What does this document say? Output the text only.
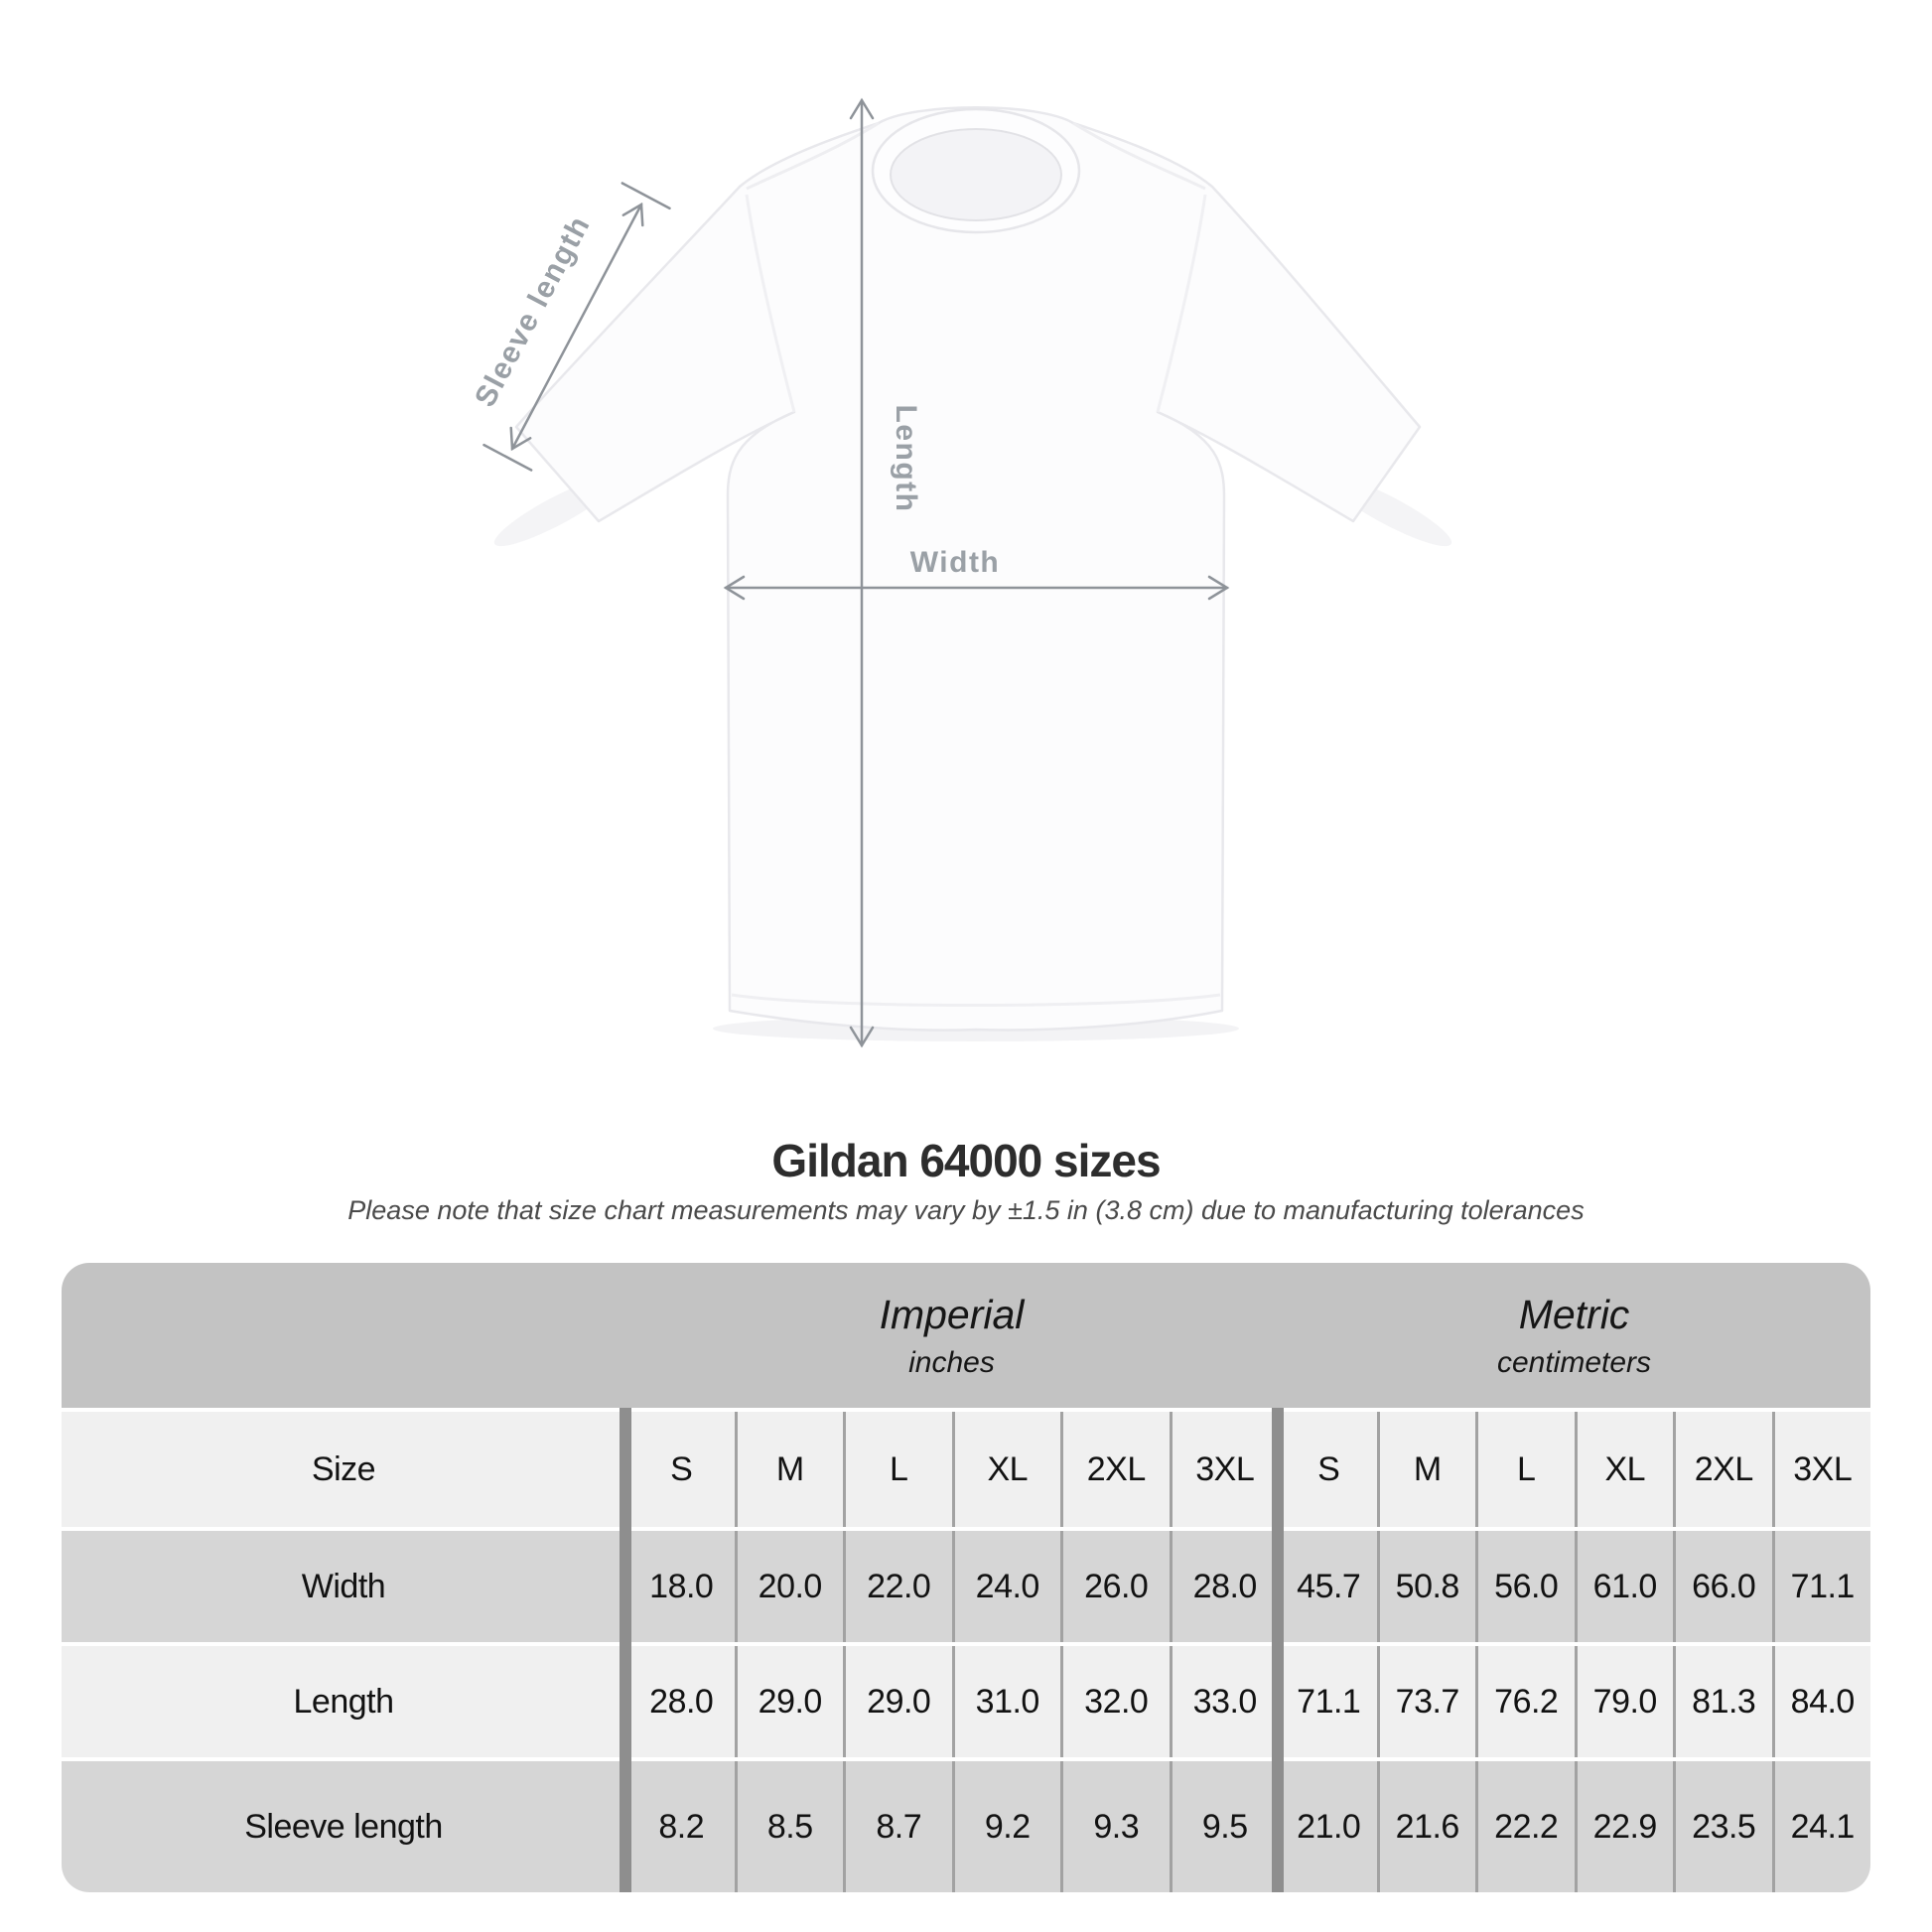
Sleeve length
Length
Width
Gildan 64000 sizes
Please note that size chart measurements may vary by ±1.5 in (3.8 cm) due to manufacturing tolerances
Imperial
inches
Metric
centimeters
Size	S	M	L	XL	2XL	3XL	S	M	L	XL	2XL	3XL
Width	18.0	20.0	22.0	24.0	26.0	28.0	45.7	50.8	56.0	61.0	66.0	71.1
Length	28.0	29.0	29.0	31.0	32.0	33.0	71.1	73.7	76.2	79.0	81.3	84.0
Sleeve length	8.2	8.5	8.7	9.2	9.3	9.5	21.0	21.6	22.2	22.9	23.5	24.1
